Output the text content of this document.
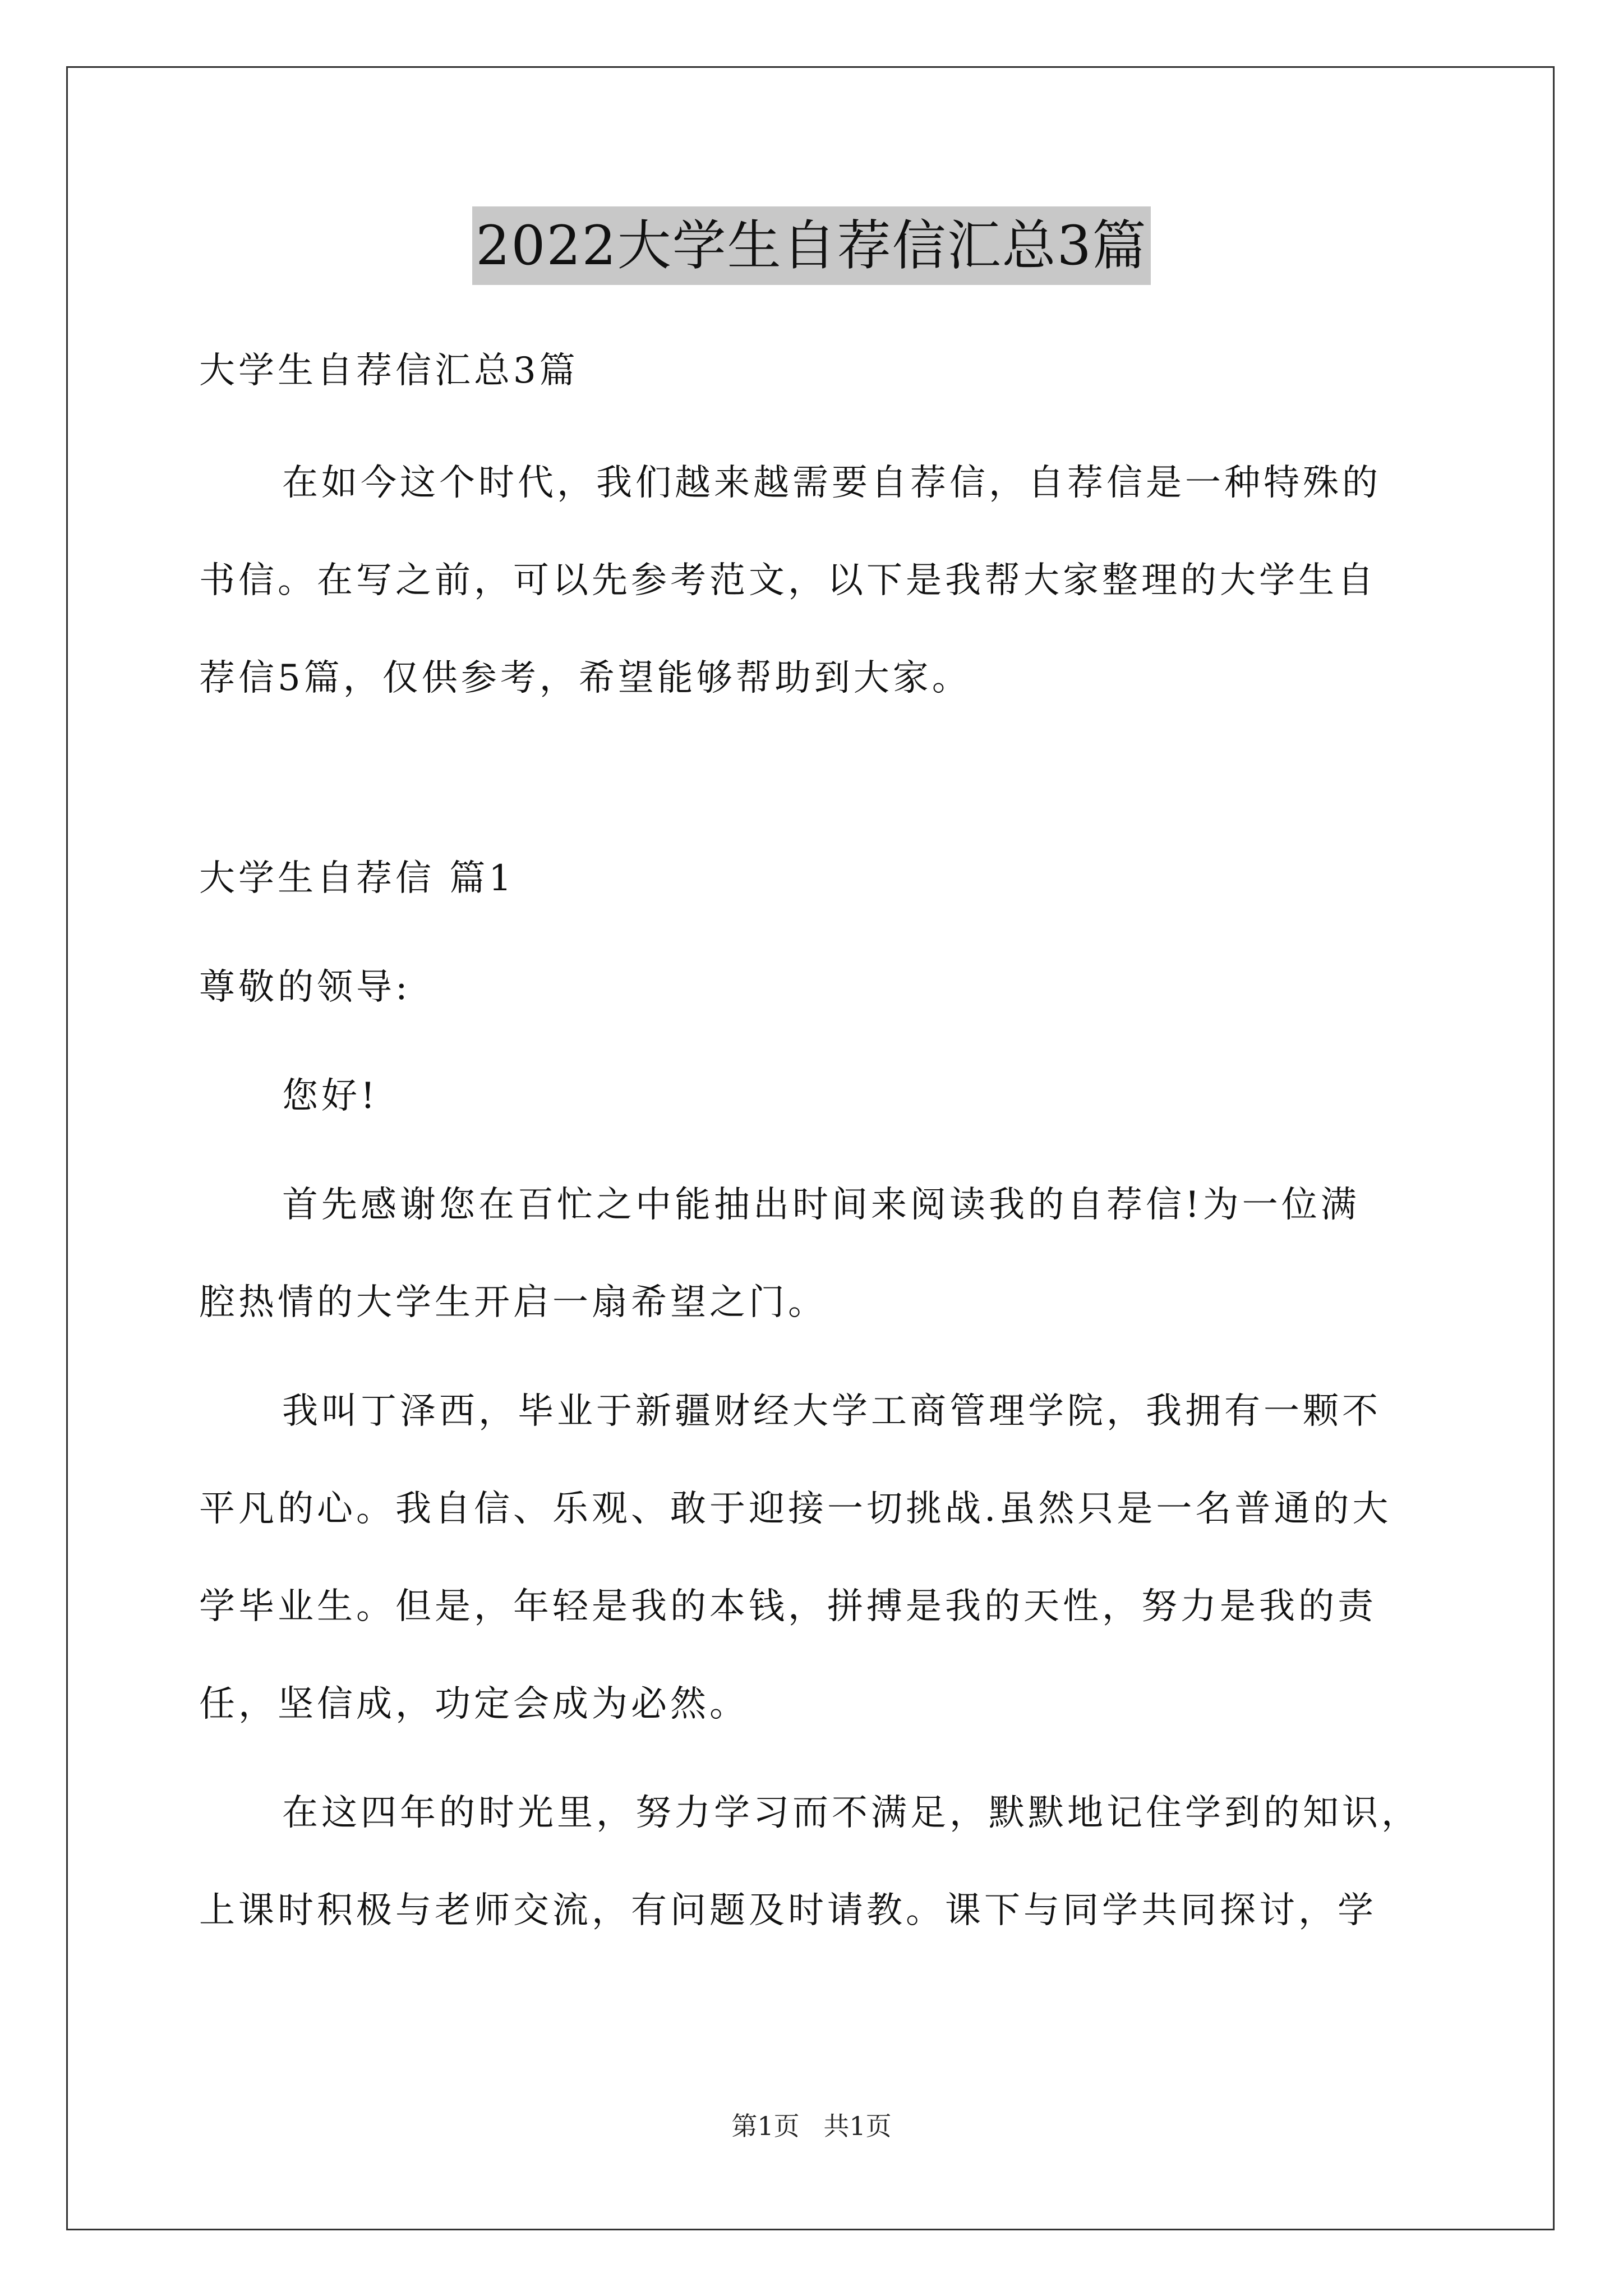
2022大学生自荐信汇总3篇

大学生自荐信汇总3篇

在如今这个时代，我们越来越需要自荐信，自荐信是一种特殊的

书信。在写之前，可以先参考范文，以下是我帮大家整理的大学生自

荐信5篇，仅供参考，希望能够帮助到大家。

大学生自荐信 篇1

尊敬的领导:

您好!

首先感谢您在百忙之中能抽出时间来阅读我的自荐信!为一位满

腔热情的大学生开启一扇希望之门。

我叫丁泽西，毕业于新疆财经大学工商管理学院，我拥有一颗不

平凡的心。我自信、乐观、敢于迎接一切挑战.虽然只是一名普通的大

学毕业生。但是，年轻是我的本钱，拼搏是我的天性，努力是我的责

任，坚信成，功定会成为必然。

在这四年的时光里，努力学习而不满足，默默地记住学到的知识，

上课时积极与老师交流，有问题及时请教。课下与同学共同探讨，学

第1页 共1页
